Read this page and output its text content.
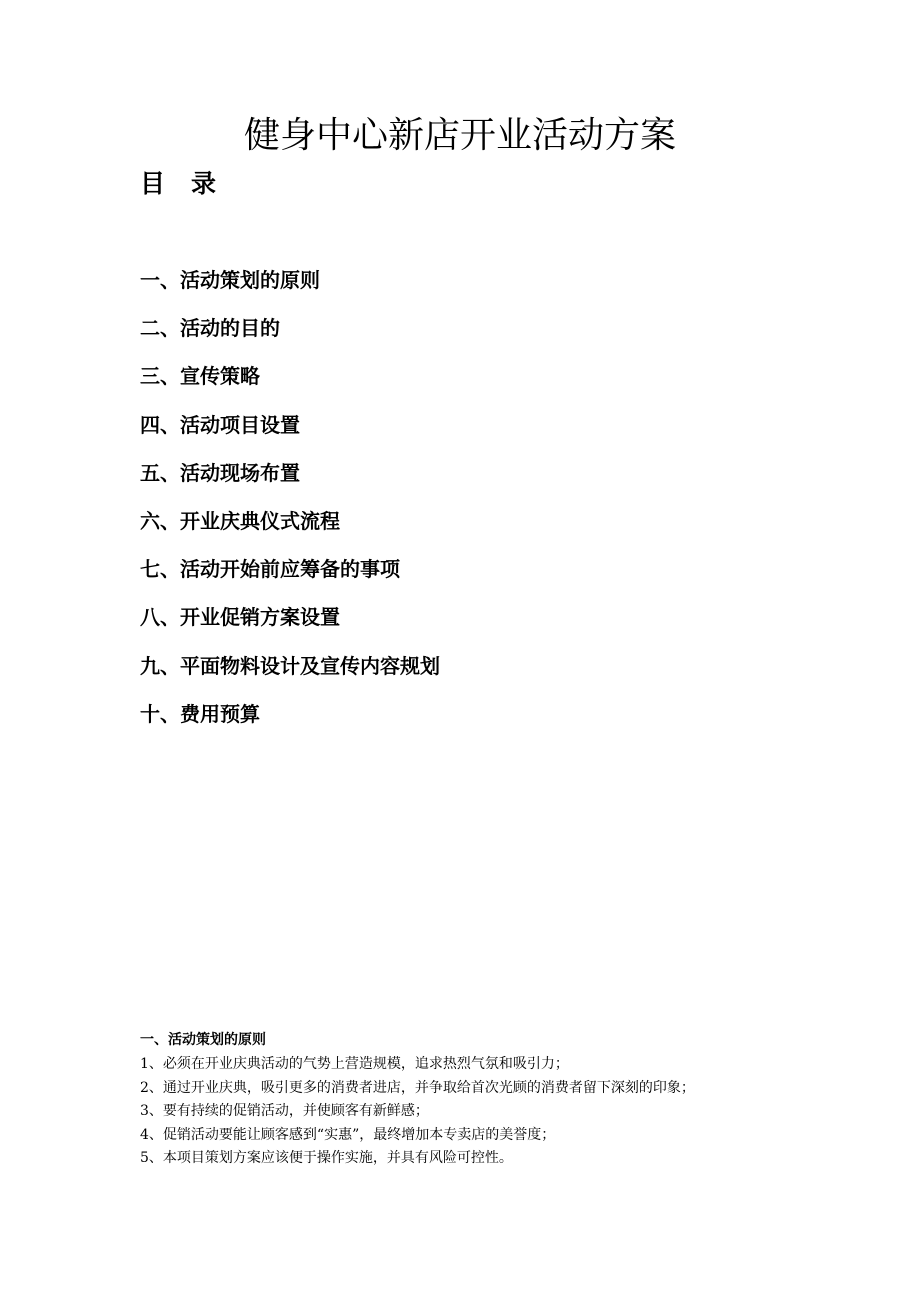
健身中心新店开业活动方案
目录
一、活动策划的原则
二、活动的目的
三、宣传策略
四、活动项目设置
五、活动现场布置
六、开业庆典仪式流程
七、活动开始前应筹备的事项
八、开业促销方案设置
九、平面物料设计及宣传内容规划
十、费用预算
一、活动策划的原则
1、必须在开业庆典活动的气势上营造规模，追求热烈气氛和吸引力；
2、通过开业庆典，吸引更多的消费者进店，并争取给首次光顾的消费者留下深刻的印象；
3、要有持续的促销活动，并使顾客有新鲜感；
4、促销活动要能让顾客感到“实惠”，最终增加本专卖店的美誉度；
5、本项目策划方案应该便于操作实施，并具有风险可控性。
